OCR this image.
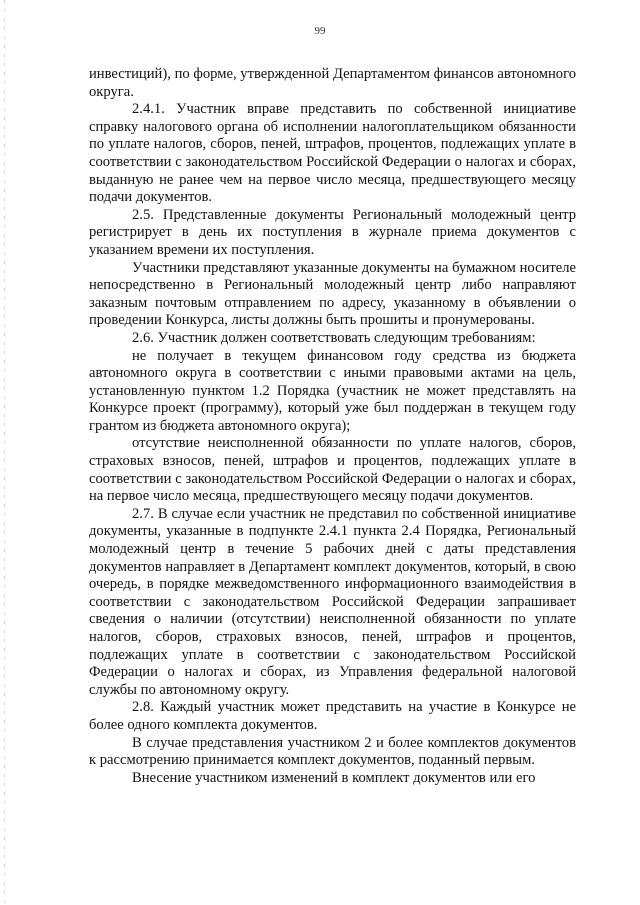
99

инвестиций), по форме, утвержденной Департаментом финансов автономного округа.

2.4.1. Участник вправе представить по собственной инициативе справку налогового органа об исполнении налогоплательщиком обязанности по уплате налогов, сборов, пеней, штрафов, процентов, подлежащих уплате в соответствии с законодательством Российской Федерации о налогах и сборах, выданную не ранее чем на первое число месяца, предшествующего месяцу подачи документов.

2.5. Представленные документы Региональный молодежный центр регистрирует в день их поступления в журнале приема документов с указанием времени их поступления.

Участники представляют указанные документы на бумажном носителе непосредственно в Региональный молодежный центр либо направляют заказным почтовым отправлением по адресу, указанному в объявлении о проведении Конкурса, листы должны быть прошиты и пронумерованы.

2.6. Участник должен соответствовать следующим требованиям:

не получает в текущем финансовом году средства из бюджета автономного округа в соответствии с иными правовыми актами на цель, установленную пунктом 1.2 Порядка (участник не может представлять на Конкурсе проект (программу), который уже был поддержан в текущем году грантом из бюджета автономного округа);

отсутствие неисполненной обязанности по уплате налогов, сборов, страховых взносов, пеней, штрафов и процентов, подлежащих уплате в соответствии с законодательством Российской Федерации о налогах и сборах, на первое число месяца, предшествующего месяцу подачи документов.

2.7. В случае если участник не представил по собственной инициативе документы, указанные в подпункте 2.4.1 пункта 2.4 Порядка, Региональный молодежный центр в течение 5 рабочих дней с даты представления документов направляет в Департамент комплект документов, который, в свою очередь, в порядке межведомственного информационного взаимодействия в соответствии с законодательством Российской Федерации запрашивает сведения о наличии (отсутствии) неисполненной обязанности по уплате налогов, сборов, страховых взносов, пеней, штрафов и процентов, подлежащих уплате в соответствии с законодательством Российской Федерации о налогах и сборах, из Управления федеральной налоговой службы по автономному округу.

2.8. Каждый участник может представить на участие в Конкурсе не более одного комплекта документов.

В случае представления участником 2 и более комплектов документов к рассмотрению принимается комплект документов, поданный первым.

Внесение участником изменений в комплект документов или его
